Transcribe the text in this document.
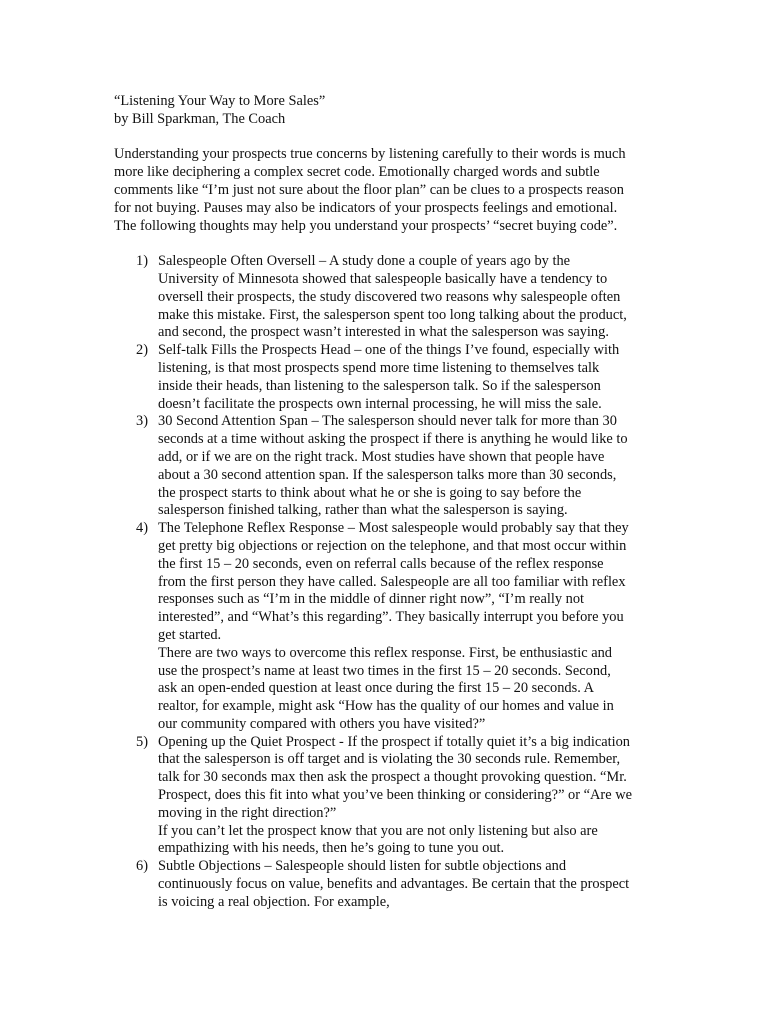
“Listening Your Way to More Sales”
by Bill Sparkman, The Coach
Understanding your prospects true concerns by listening carefully to their words is much
more like deciphering a complex secret code. Emotionally charged words and subtle
comments like “I’m just not sure about the floor plan” can be clues to a prospects reason
for not buying. Pauses may also be indicators of your prospects feelings and emotional.
The following thoughts may help you understand your prospects’ “secret buying code”.
1) Salespeople Often Oversell – A study done a couple of years ago by the
University of Minnesota showed that salespeople basically have a tendency to
oversell their prospects, the study discovered two reasons why salespeople often
make this mistake. First, the salesperson spent too long talking about the product,
and second, the prospect wasn’t interested in what the salesperson was saying.
2) Self-talk Fills the Prospects Head – one of the things I’ve found, especially with
listening, is that most prospects spend more time listening to themselves talk
inside their heads, than listening to the salesperson talk. So if the salesperson
doesn’t facilitate the prospects own internal processing, he will miss the sale.
3) 30 Second Attention Span – The salesperson should never talk for more than 30
seconds at a time without asking the prospect if there is anything he would like to
add, or if we are on the right track. Most studies have shown that people have
about a 30 second attention span. If the salesperson talks more than 30 seconds,
the prospect starts to think about what he or she is going to say before the
salesperson finished talking, rather than what the salesperson is saying.
4) The Telephone Reflex Response – Most salespeople would probably say that they
get pretty big objections or rejection on the telephone, and that most occur within
the first 15 – 20 seconds, even on referral calls because of the reflex response
from the first person they have called. Salespeople are all too familiar with reflex
responses such as “I’m in the middle of dinner right now”, “I’m really not
interested”, and “What’s this regarding”. They basically interrupt you before you
get started.
There are two ways to overcome this reflex response. First, be enthusiastic and
use the prospect’s name at least two times in the first 15 – 20 seconds. Second,
ask an open-ended question at least once during the first 15 – 20 seconds. A
realtor, for example, might ask “How has the quality of our homes and value in
our community compared with others you have visited?”
5) Opening up the Quiet Prospect - If the prospect if totally quiet it’s a big indication
that the salesperson is off target and is violating the 30 seconds rule. Remember,
talk for 30 seconds max then ask the prospect a thought provoking question. “Mr.
Prospect, does this fit into what you’ve been thinking or considering?” or “Are we
moving in the right direction?”
If you can’t let the prospect know that you are not only listening but also are
empathizing with his needs, then he’s going to tune you out.
6) Subtle Objections – Salespeople should listen for subtle objections and
continuously focus on value, benefits and advantages. Be certain that the prospect
is voicing a real objection. For example,
